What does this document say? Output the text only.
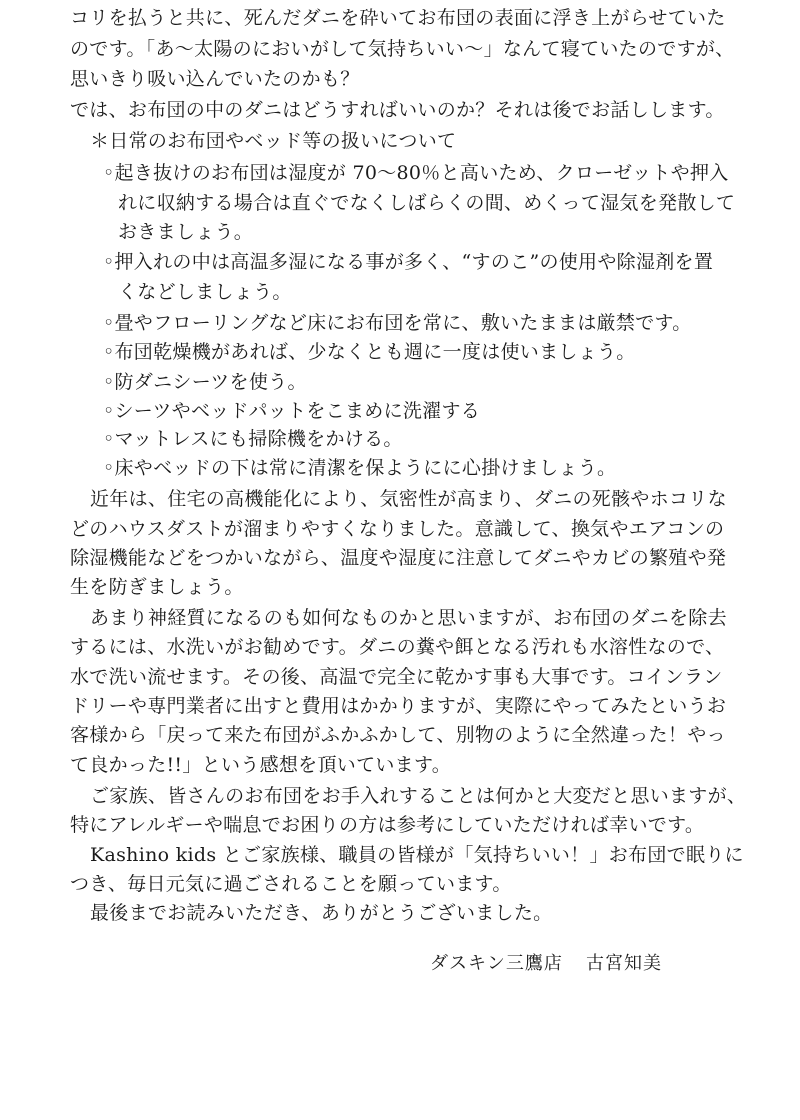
コリを払うと共に、死んだダニを砕いてお布団の表面に浮き上がらせていた
のです。「あ～太陽のにおいがして気持ちいい～」なんて寝ていたのですが、
思いきり吸い込んでいたのかも？
では、お布団の中のダニはどうすればいいのか？それは後でお話しします。
＊日常のお布団やベッド等の扱いについて
◦起き抜けのお布団は湿度が 70～80％と高いため、クローゼットや押入
れに収納する場合は直ぐでなくしばらくの間、めくって湿気を発散して
おきましょう。
◦押入れの中は高温多湿になる事が多く、“すのこ”の使用や除湿剤を置
くなどしましょう。
◦畳やフローリングなど床にお布団を常に、敷いたままは厳禁です。
◦布団乾燥機があれば、少なくとも週に一度は使いましょう。
◦防ダニシーツを使う。
◦シーツやベッドパットをこまめに洗濯する
◦マットレスにも掃除機をかける。
◦床やベッドの下は常に清潔を保ようにに心掛けましょう。
近年は、住宅の高機能化により、気密性が高まり、ダニの死骸やホコリな
どのハウスダストが溜まりやすくなりました。意識して、換気やエアコンの
除湿機能などをつかいながら、温度や湿度に注意してダニやカビの繁殖や発
生を防ぎましょう。
あまり神経質になるのも如何なものかと思いますが、お布団のダニを除去
するには、水洗いがお勧めです。ダニの糞や餌となる汚れも水溶性なので、
水で洗い流せます。その後、高温で完全に乾かす事も大事です。コインラン
ドリーや専門業者に出すと費用はかかりますが、実際にやってみたというお
客様から「戻って来た布団がふかふかして、別物のように全然違った！やっ
て良かった!!」という感想を頂いています。
ご家族、皆さんのお布団をお手入れすることは何かと大変だと思いますが、
特にアレルギーや喘息でお困りの方は参考にしていただければ幸いです。
Kashino kids とご家族様、職員の皆様が「気持ちいい！」お布団で眠りに
つき、毎日元気に過ごされることを願っています。
最後までお読みいただき、ありがとうございました。
ダスキン三鷹店 古宮知美
